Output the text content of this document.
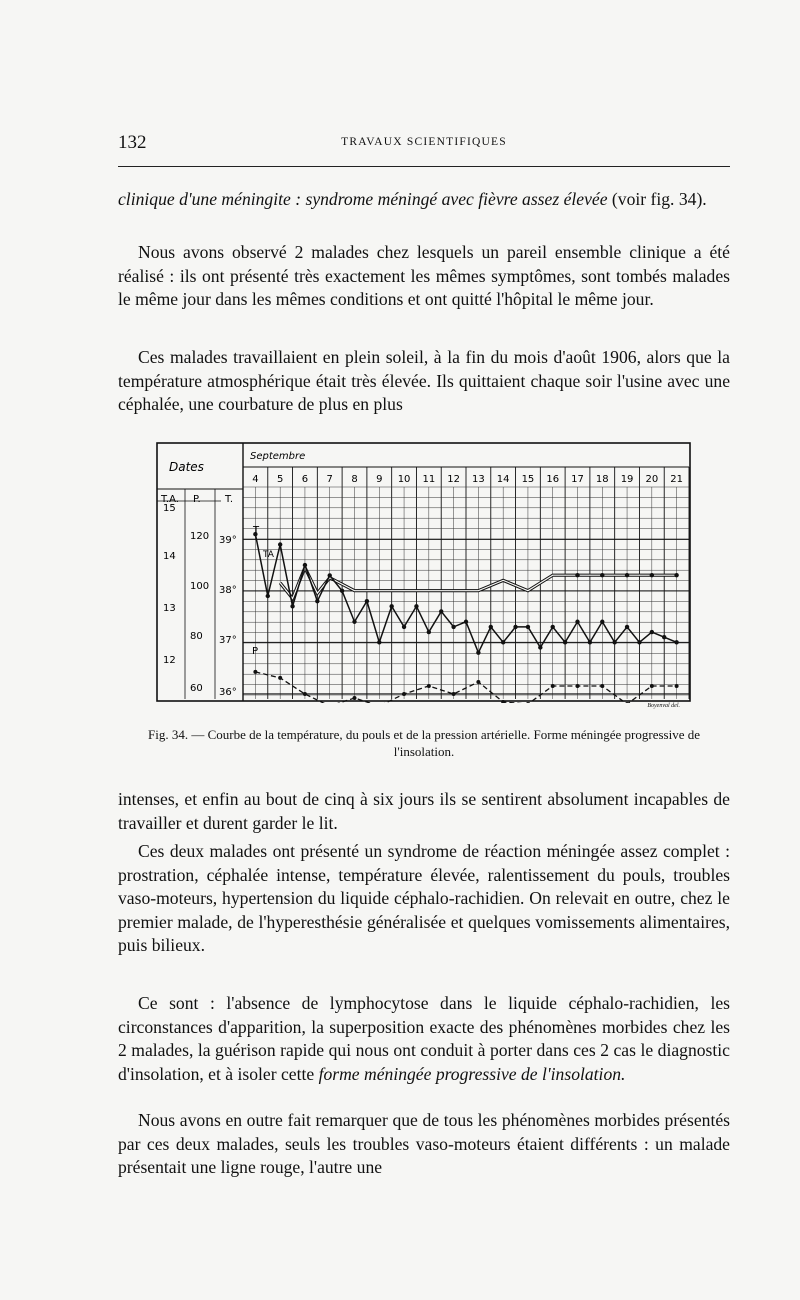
132	TRAVAUX SCIENTIFIQUES

clinique d'une méningite : syndrome méningé avec fièvre assez élevée (voir fig. 34).

Nous avons observé 2 malades chez lesquels un pareil ensemble clinique a été réalisé : ils ont présenté très exactement les mêmes symptômes, sont tombés malades le même jour dans les mêmes conditions et ont quitté l'hôpital le même jour.

Ces malades travaillaient en plein soleil, à la fin du mois d'août 1906, alors que la température atmosphérique était très élevée. Ils quittaient chaque soir l'usine avec une céphalée, une courbature de plus en plus

Dates
Septembre
T.A. P. T.
T
TA
P
4 5 6 7 8 9 10 11 12 13 14 15 16 17 18 19 20 21
15
14
13
12
120
100
80
60
39°
38°
37°
36°
Boyenval del.
Fig. 34. — Courbe de la température, du pouls et de la pression artérielle. Forme méningée progressive de l'insolation.

intenses, et enfin au bout de cinq à six jours ils se sentirent absolument incapables de travailler et durent garder le lit.

Ces deux malades ont présenté un syndrome de réaction méningée assez complet : prostration, céphalée intense, température élevée, ralentissement du pouls, troubles vaso-moteurs, hypertension du liquide céphalo-rachidien. On relevait en outre, chez le premier malade, de l'hyperesthésie généralisée et quelques vomissements alimentaires, puis bilieux.

Ce sont : l'absence de lymphocytose dans le liquide céphalo-rachidien, les circonstances d'apparition, la superposition exacte des phénomènes morbides chez les 2 malades, la guérison rapide qui nous ont conduit à porter dans ces 2 cas le diagnostic d'insolation, et à isoler cette forme méningée progressive de l'insolation.

Nous avons en outre fait remarquer que de tous les phénomènes morbides présentés par ces deux malades, seuls les troubles vaso-moteurs étaient différents : un malade présentait une ligne rouge, l'autre une
